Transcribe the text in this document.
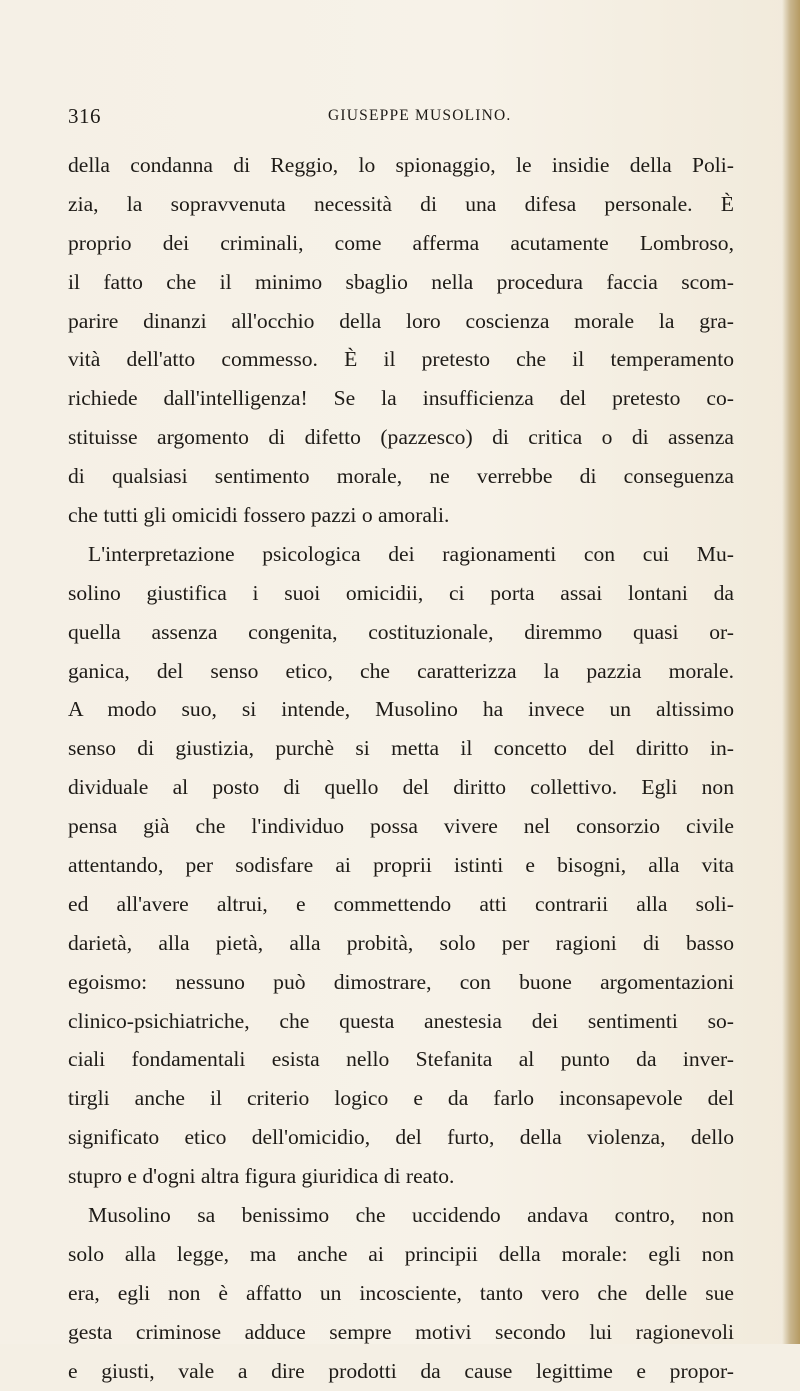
316	GIUSEPPE MUSOLINO.
della condanna di Reggio, lo spionaggio, le insidie della Poli-
zia, la sopravvenuta necessità di una difesa personale. È
proprio dei criminali, come afferma acutamente Lombroso,
il fatto che il minimo sbaglio nella procedura faccia scom-
parire dinanzi all'occhio della loro coscienza morale la gra-
vità dell'atto commesso. È il pretesto che il temperamento
richiede dall'intelligenza! Se la insufficienza del pretesto co-
stituisse argomento di difetto (pazzesco) di critica o di assenza
di qualsiasi sentimento morale, ne verrebbe di conseguenza
che tutti gli omicidi fossero pazzi o amorali.
L'interpretazione psicologica dei ragionamenti con cui Mu-
solino giustifica i suoi omicidii, ci porta assai lontani da
quella assenza congenita, costituzionale, diremmo quasi or-
ganica, del senso etico, che caratterizza la pazzia morale.
A modo suo, si intende, Musolino ha invece un altissimo
senso di giustizia, purchè si metta il concetto del diritto in-
dividuale al posto di quello del diritto collettivo. Egli non
pensa già che l'individuo possa vivere nel consorzio civile
attentando, per sodisfare ai proprii istinti e bisogni, alla vita
ed all'avere altrui, e commettendo atti contrarii alla soli-
darietà, alla pietà, alla probità, solo per ragioni di basso
egoismo: nessuno può dimostrare, con buone argomentazioni
clinico-psichiatriche, che questa anestesia dei sentimenti so-
ciali fondamentali esista nello Stefanita al punto da inver-
tirgli anche il criterio logico e da farlo inconsapevole del
significato etico dell'omicidio, del furto, della violenza, dello
stupro e d'ogni altra figura giuridica di reato.
Musolino sa benissimo che uccidendo andava contro, non
solo alla legge, ma anche ai principii della morale: egli non
era, egli non è affatto un incosciente, tanto vero che delle sue
gesta criminose adduce sempre motivi secondo lui ragionevoli
e giusti, vale a dire prodotti da cause legittime e propor-
